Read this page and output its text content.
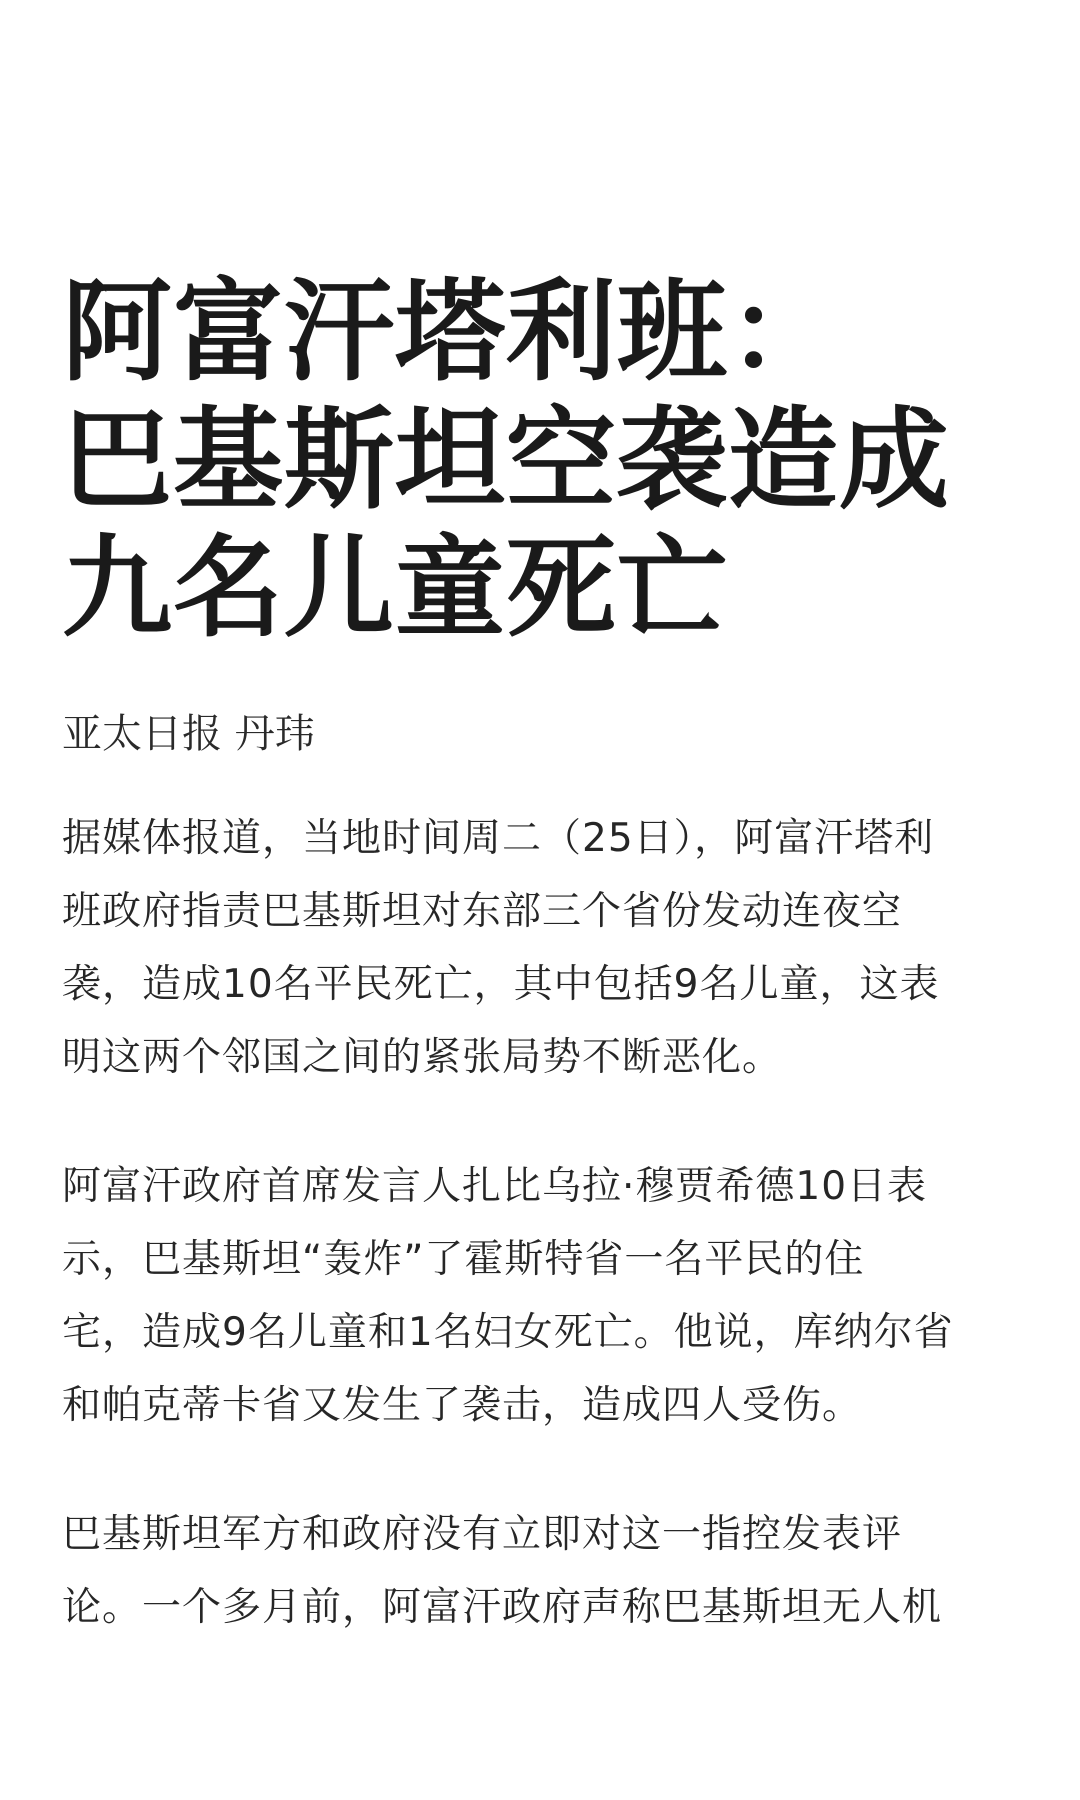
阿富汗塔利班：
巴基斯坦空袭造成
九名儿童死亡
亚太日报 丹玮

据媒体报道，当地时间周二（25日），阿富汗塔利
班政府指责巴基斯坦对东部三个省份发动连夜空
袭，造成10名平民死亡，其中包括9名儿童，这表
明这两个邻国之间的紧张局势不断恶化。

阿富汗政府首席发言人扎比乌拉·穆贾希德10日表
示，巴基斯坦“轰炸”了霍斯特省一名平民的住
宅，造成9名儿童和1名妇女死亡。他说，库纳尔省
和帕克蒂卡省又发生了袭击，造成四人受伤。

巴基斯坦军方和政府没有立即对这一指控发表评
论。一个多月前，阿富汗政府声称巴基斯坦无人机
